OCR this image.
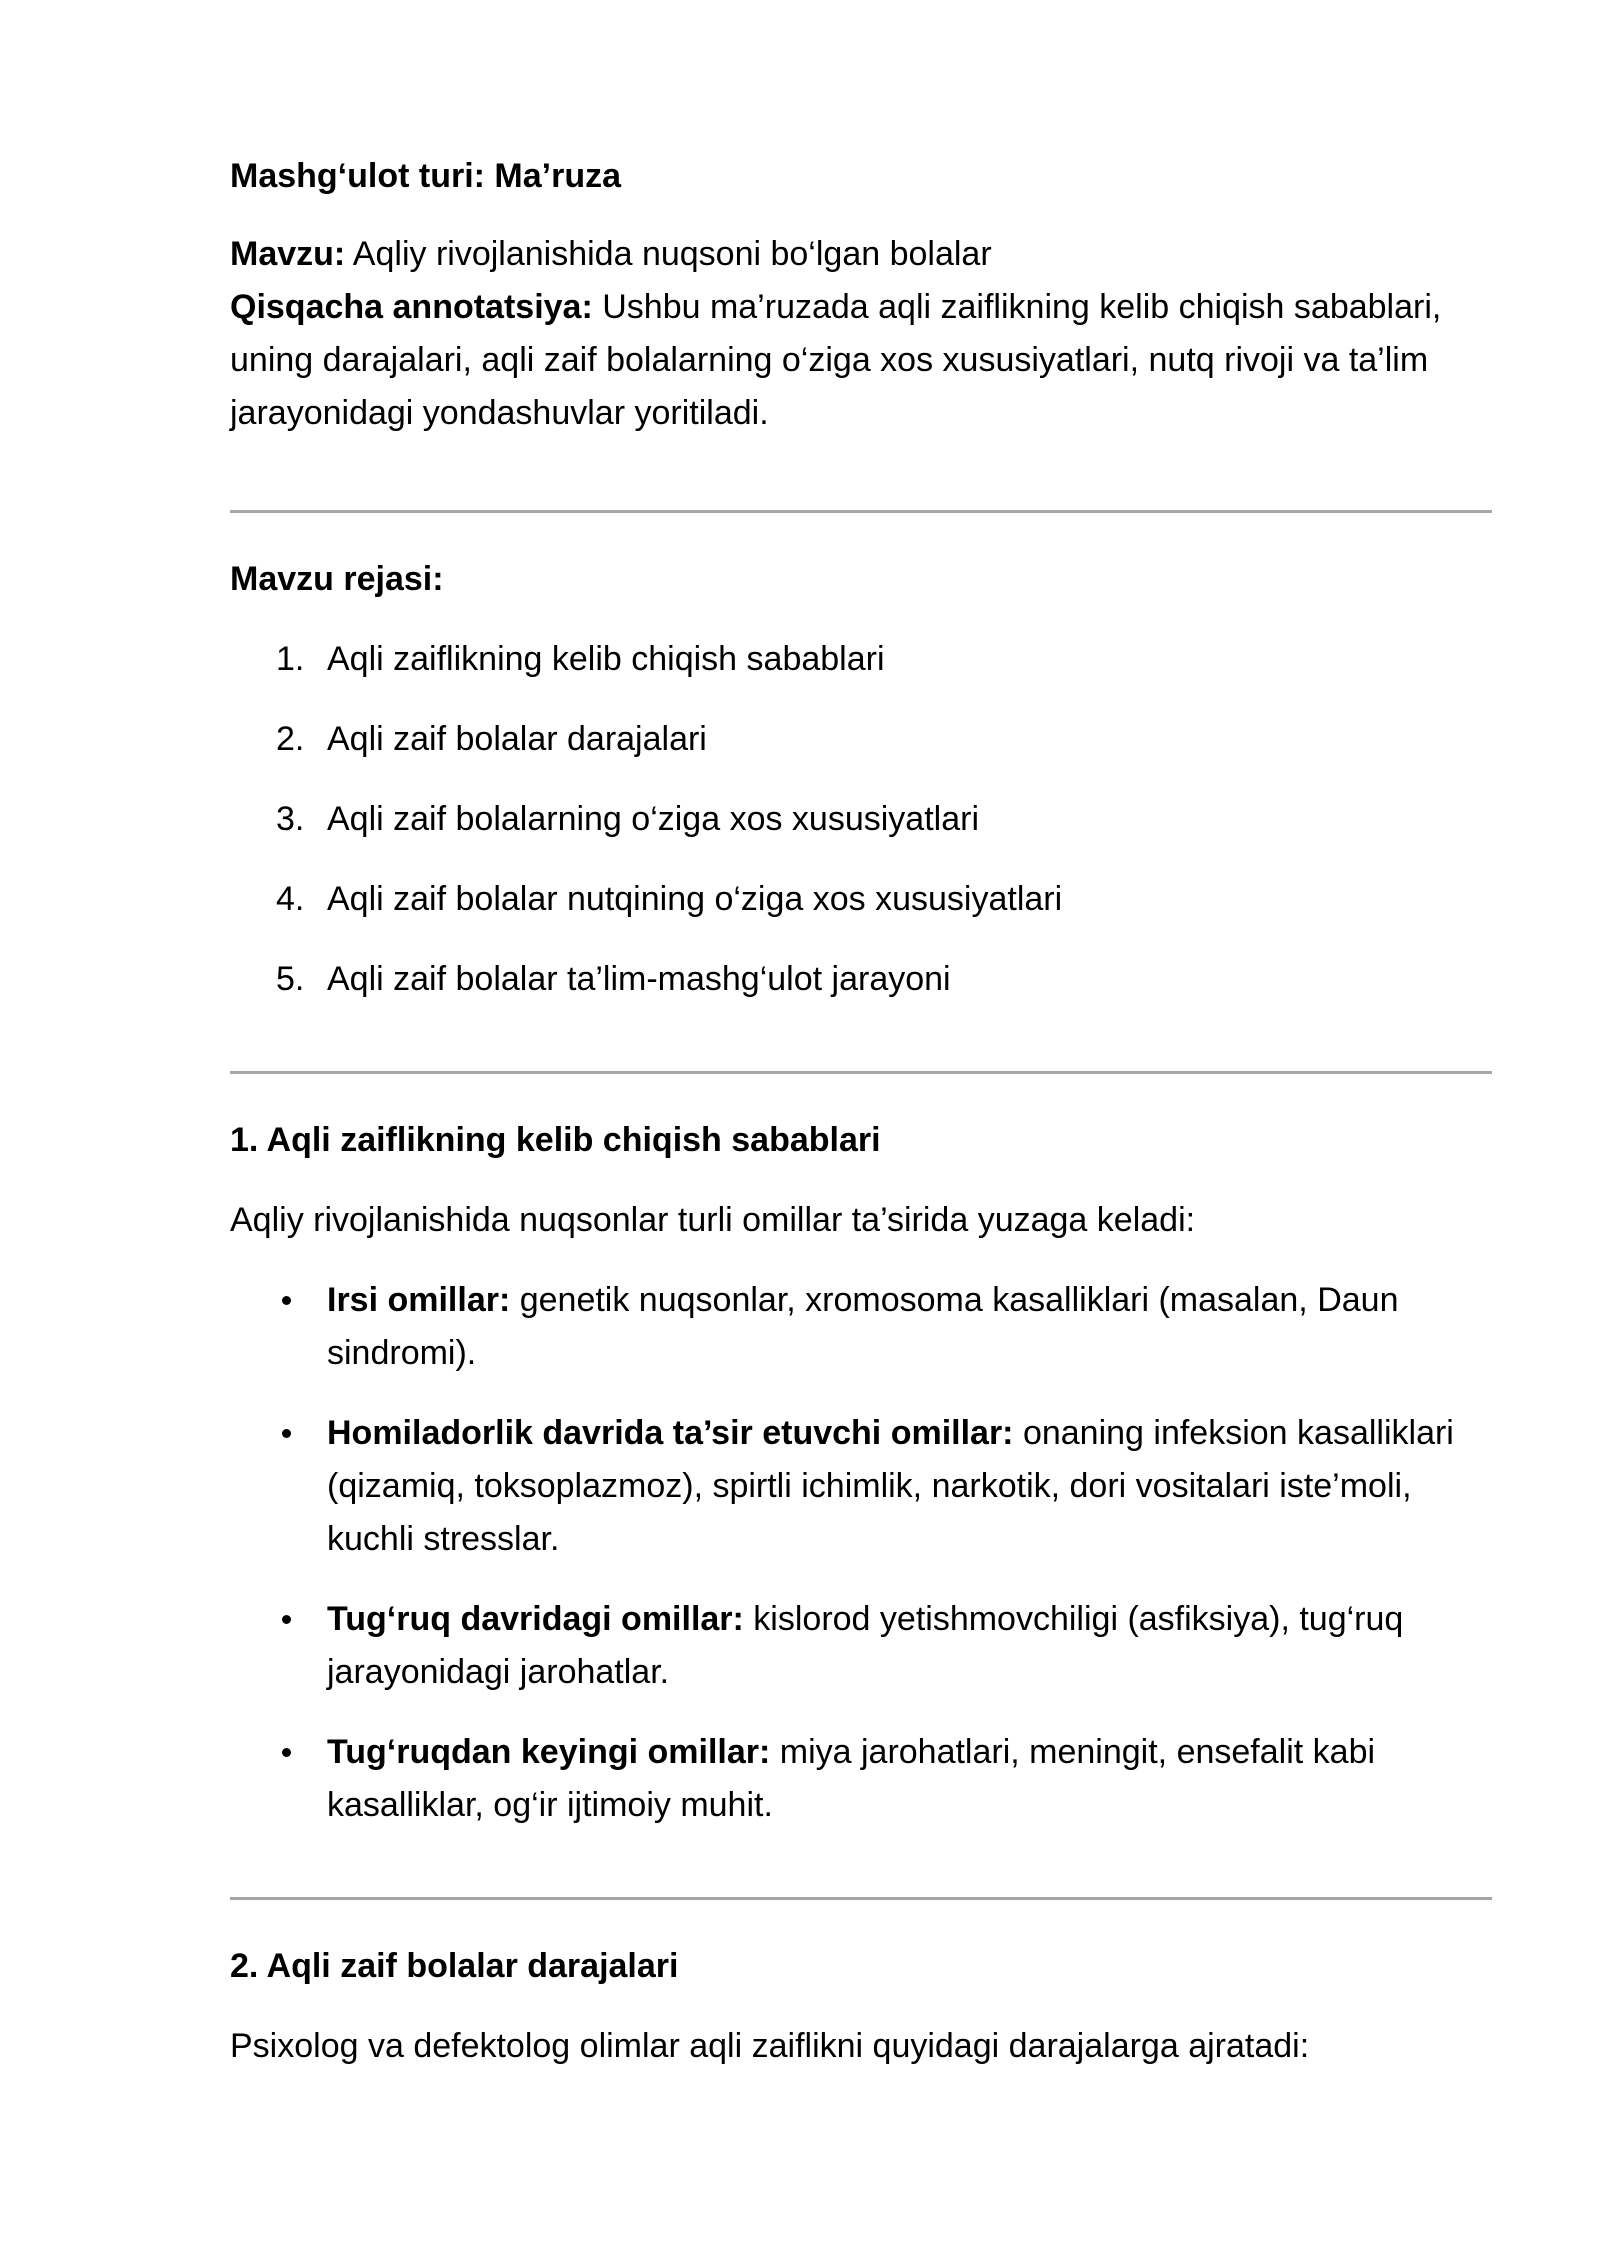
Mashg‘ulot turi: Ma’ruza

Mavzu: Aqliy rivojlanishida nuqsoni bo‘lgan bolalar

Qisqacha annotatsiya: Ushbu ma’ruzada aqli zaiflikning kelib chiqish sabablari, uning darajalari, aqli zaif bolalarning o‘ziga xos xususiyatlari, nutq rivoji va ta’lim jarayonidagi yondashuvlar yoritiladi.

Mavzu rejasi:

1. Aqli zaiflikning kelib chiqish sabablari
2. Aqli zaif bolalar darajalari
3. Aqli zaif bolalarning o‘ziga xos xususiyatlari
4. Aqli zaif bolalar nutqining o‘ziga xos xususiyatlari
5. Aqli zaif bolalar ta’lim-mashg‘ulot jarayoni

1. Aqli zaiflikning kelib chiqish sabablari

Aqliy rivojlanishida nuqsonlar turli omillar ta’sirida yuzaga keladi:

Irsi omillar: genetik nuqsonlar, xromosoma kasalliklari (masalan, Daun sindromi).
Homiladorlik davrida ta’sir etuvchi omillar: onaning infeksion kasalliklari (qizamiq, toksoplazmoz), spirtli ichimlik, narkotik, dori vositalari iste’moli, kuchli stresslar.
Tug‘ruq davridagi omillar: kislorod yetishmovchiligi (asfiksiya), tug‘ruq jarayonidagi jarohatlar.
Tug‘ruqdan keyingi omillar: miya jarohatlari, meningit, ensefalit kabi kasalliklar, og‘ir ijtimoiy muhit.

2. Aqli zaif bolalar darajalari

Psixolog va defektolog olimlar aqli zaiflikni quyidagi darajalarga ajratadi:
